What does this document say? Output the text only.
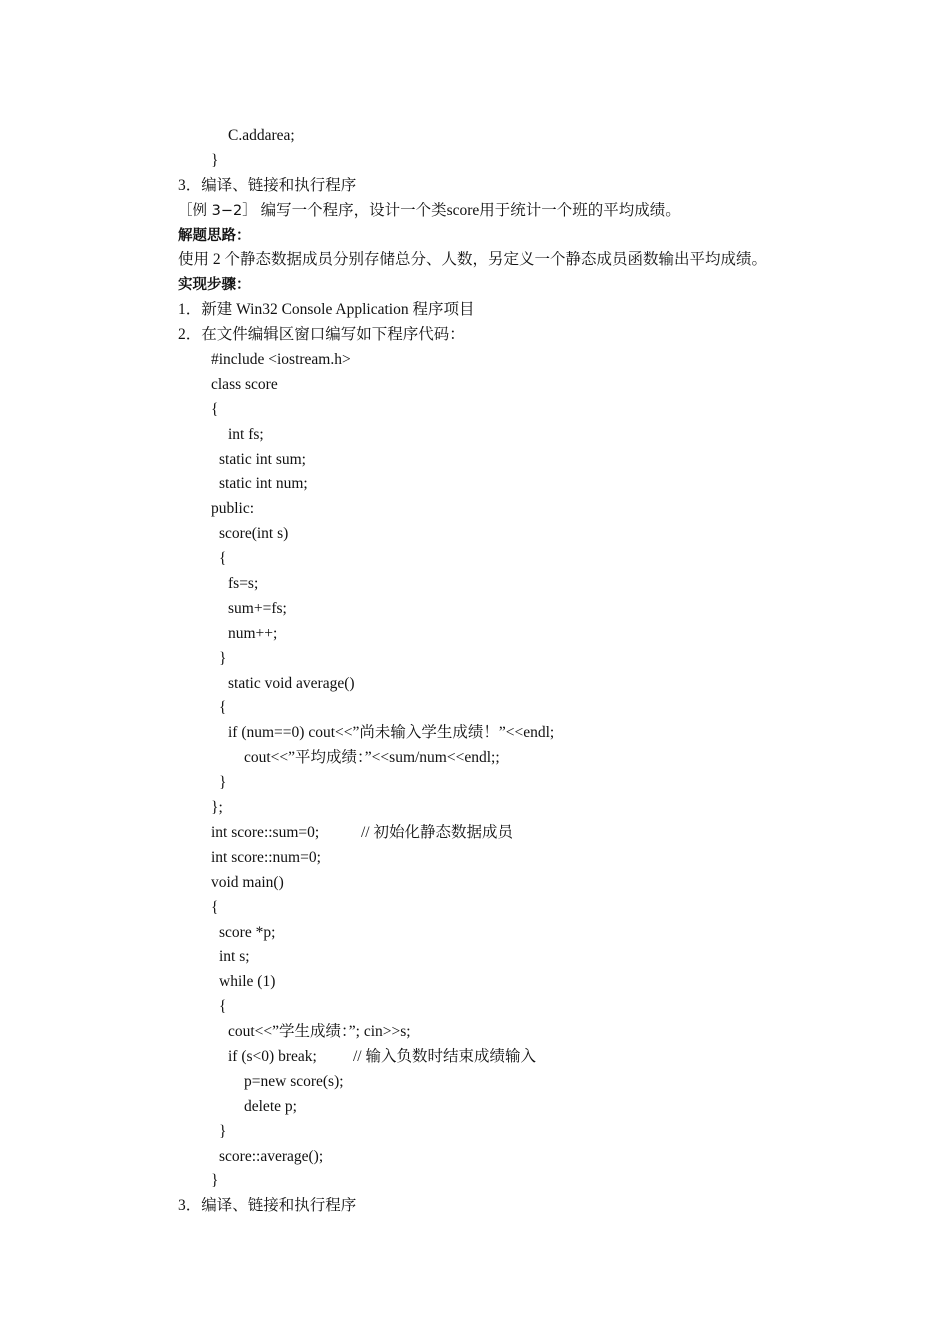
C.addarea;
}
3．编译、链接和执行程序
［例 3−2］ 编写一个程序，设计一个类score用于统计一个班的平均成绩。
解题思路：
使用 2 个静态数据成员分别存储总分、人数，另定义一个静态成员函数输出平均成绩。
实现步骤：
1．新建 Win32 Console Application 程序项目
2．在文件编辑区窗口编写如下程序代码：
#include <iostream.h>
class score
{
int fs;
static int sum;
static int num;
public:
score(int s)
{
fs=s;
sum+=fs;
num++;
}
static void average()
{
if (num==0) cout<<”尚未输入学生成绩！”<<endl;
cout<<”平均成绩：”<<sum/num<<endl;;
}
};
int score::sum=0;	// 初始化静态数据成员
int score::num=0;
void main()
{
score *p;
int s;
while (1)
{
cout<<”学生成绩：”; cin>>s;
if (s<0) break; // 输入负数时结束成绩输入
p=new score(s);
delete p;
}
score::average();
}
3．编译、链接和执行程序
